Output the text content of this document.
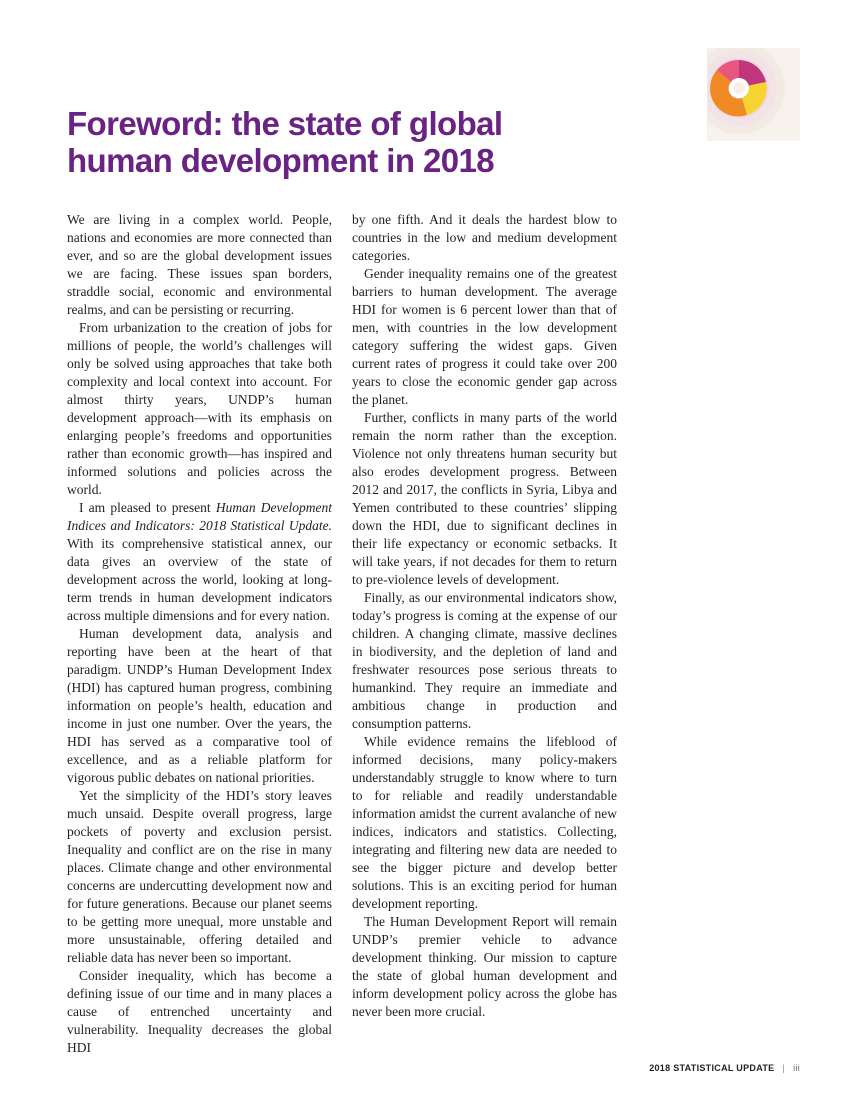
Foreword: the state of global
human development in 2018

We are living in a complex world. People, nations and economies are more connected than ever, and so are the global development issues we are facing. These issues span borders, straddle social, economic and environmental realms, and can be persisting or recurring.

From urbanization to the creation of jobs for millions of people, the world’s challenges will only be solved using approaches that take both complexity and local context into account. For almost thirty years, UNDP’s human development approach—with its emphasis on enlarging people’s freedoms and opportunities rather than economic growth—has inspired and informed solutions and policies across the world.

I am pleased to present Human Development Indices and Indicators: 2018 Statistical Update. With its comprehensive statistical annex, our data gives an overview of the state of development across the world, looking at long-term trends in human development indicators across multiple dimensions and for every nation.

Human development data, analysis and reporting have been at the heart of that paradigm. UNDP’s Human Development Index (HDI) has captured human progress, combining information on people’s health, education and income in just one number. Over the years, the HDI has served as a comparative tool of excellence, and as a reliable platform for vigorous public debates on national priorities.

Yet the simplicity of the HDI’s story leaves much unsaid. Despite overall progress, large pockets of poverty and exclusion persist. Inequality and conflict are on the rise in many places. Climate change and other environmental concerns are undercutting development now and for future generations. Because our planet seems to be getting more unequal, more unstable and more unsustainable, offering detailed and reliable data has never been so important.

Consider inequality, which has become a defining issue of our time and in many places a cause of entrenched uncertainty and vulnerability. Inequality decreases the global HDI

by one fifth. And it deals the hardest blow to countries in the low and medium development categories.

Gender inequality remains one of the greatest barriers to human development. The average HDI for women is 6 percent lower than that of men, with countries in the low development category suffering the widest gaps. Given current rates of progress it could take over 200 years to close the economic gender gap across the planet.

Further, conflicts in many parts of the world remain the norm rather than the exception. Violence not only threatens human security but also erodes development progress. Between 2012 and 2017, the conflicts in Syria, Libya and Yemen contributed to these countries’ slipping down the HDI, due to significant declines in their life expectancy or economic setbacks. It will take years, if not decades for them to return to pre-violence levels of development.

Finally, as our environmental indicators show, today’s progress is coming at the expense of our children. A changing climate, massive declines in biodiversity, and the depletion of land and freshwater resources pose serious threats to humankind. They require an immediate and ambitious change in production and consumption patterns.

While evidence remains the lifeblood of informed decisions, many policy-makers understandably struggle to know where to turn to for reliable and readily understandable information amidst the current avalanche of new indices, indicators and statistics. Collecting, integrating and filtering new data are needed to see the bigger picture and develop better solutions. This is an exciting period for human development reporting.

The Human Development Report will remain UNDP’s premier vehicle to advance development thinking. Our mission to capture the state of global human development and inform development policy across the globe has never been more crucial.

2018 STATISTICAL UPDATE | iii
